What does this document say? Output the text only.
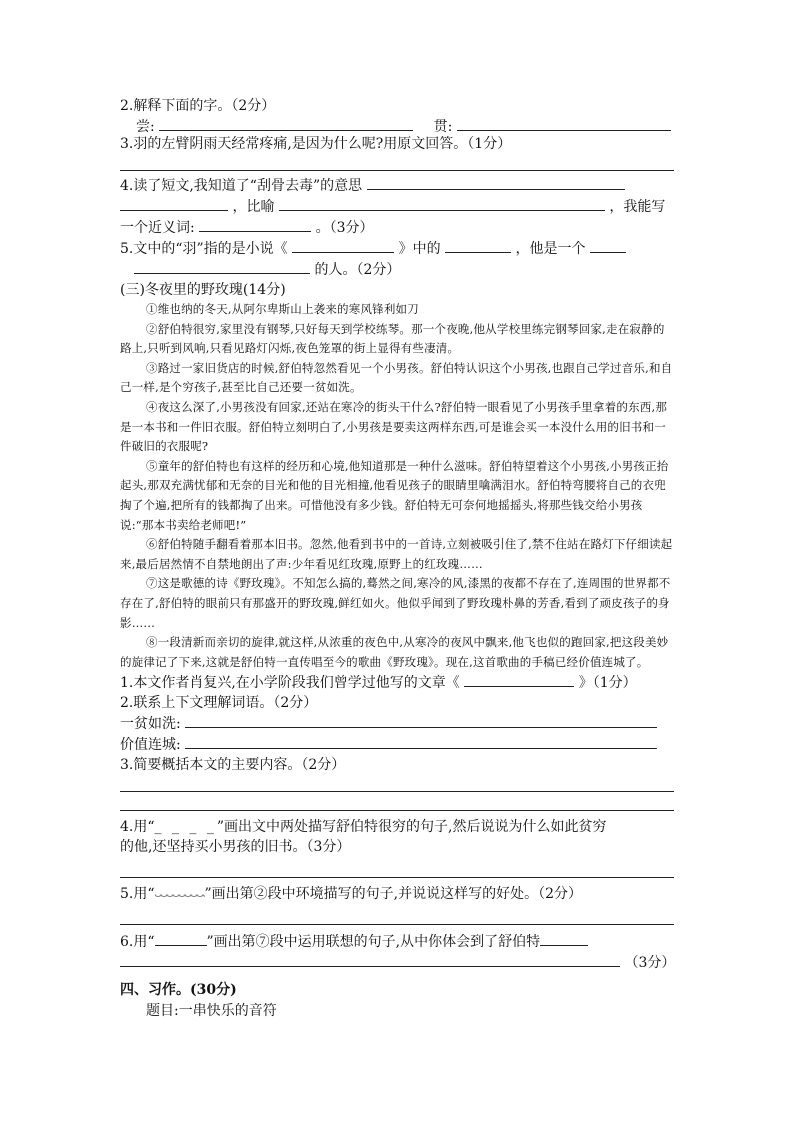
2.解释下面的字。（2分）
尝:	贯:
3.羽的左臂阴雨天经常疼痛,是因为什么呢?用原文回答。（1分）
4.读了短文,我知道了“刮骨去毒”的意思
，比喻	，我能写
一个近义词:	。（3分）
5.文中的“羽”指的是小说《	》中的	，他是一个
的人。（2分）
(三)冬夜里的野玫瑰(14分)

①维也纳的冬天,从阿尔卑斯山上袭来的寒风锋利如刀

②舒伯特很穷,家里没有钢琴,只好每天到学校练琴。那一个夜晚,他从学校里练完钢琴回家,走在寂静的路上,只听到风响,只看见路灯闪烁,夜色笼罩的街上显得有些凄清。

③路过一家旧货店的时候,舒伯特忽然看见一个小男孩。舒伯特认识这个小男孩,也跟自己学过音乐,和自己一样,是个穷孩子,甚至比自己还要一贫如洗。

④夜这么深了,小男孩没有回家,还站在寒冷的街头干什么?舒伯特一眼看见了小男孩手里拿着的东西,那是一本书和一件旧衣服。舒伯特立刻明白了,小男孩是要卖这两样东西,可是谁会买一本没什么用的旧书和一件破旧的衣服呢?

⑤童年的舒伯特也有这样的经历和心境,他知道那是一种什么滋味。舒伯特望着这个小男孩,小男孩正抬起头,那双充满忧郁和无奈的目光和他的目光相撞,他看见孩子的眼睛里噙满泪水。舒伯特弯腰将自己的衣兜掏了个遍,把所有的钱都掏了出来。可惜他没有多少钱。舒伯特无可奈何地摇摇头,将那些钱交给小男孩说:“那本书卖给老师吧!”

⑥舒伯特随手翻看着那本旧书。忽然,他看到书中的一首诗,立刻被吸引住了,禁不住站在路灯下仔细读起来,最后居然情不自禁地朗出了声:少年看见红玫瑰,原野上的红玫瑰……

⑦这是歌德的诗《野玫瑰》。不知怎么搞的,蓦然之间,寒冷的风,漆黑的夜都不存在了,连周围的世界都不存在了,舒伯特的眼前只有那盛开的野玫瑰,鲜红如火。他似乎闻到了野玫瑰朴鼻的芳香,看到了顽皮孩子的身影……

⑧一段清新而亲切的旋律,就这样,从浓重的夜色中,从寒冷的夜风中飘来,他飞也似的跑回家,把这段美妙的旋律记了下来,这就是舒伯特一直传唱至今的歌曲《野玫瑰》。现在,这首歌曲的手稿已经价值连城了。

1.本文作者肖复兴,在小学阶段我们曾学过他写的文章《	》（1分）
2.联系上下文理解词语。（2分）
一贫如洗:
价值连城:
3.简要概括本文的主要内容。（2分）
4.用“_ _ _ _”画出文中两处描写舒伯特很穷的句子,然后说说为什么如此贫穷
的他,还坚持买小男孩的旧书。（3分）
5.用“	”画出第②段中环境描写的句子,并说说这样写的好处。（2分）
6.用“	”画出第⑦段中运用联想的句子,从中你体会到了舒伯特
（3分）
四、习作。(30分)
题目:一串快乐的音符
